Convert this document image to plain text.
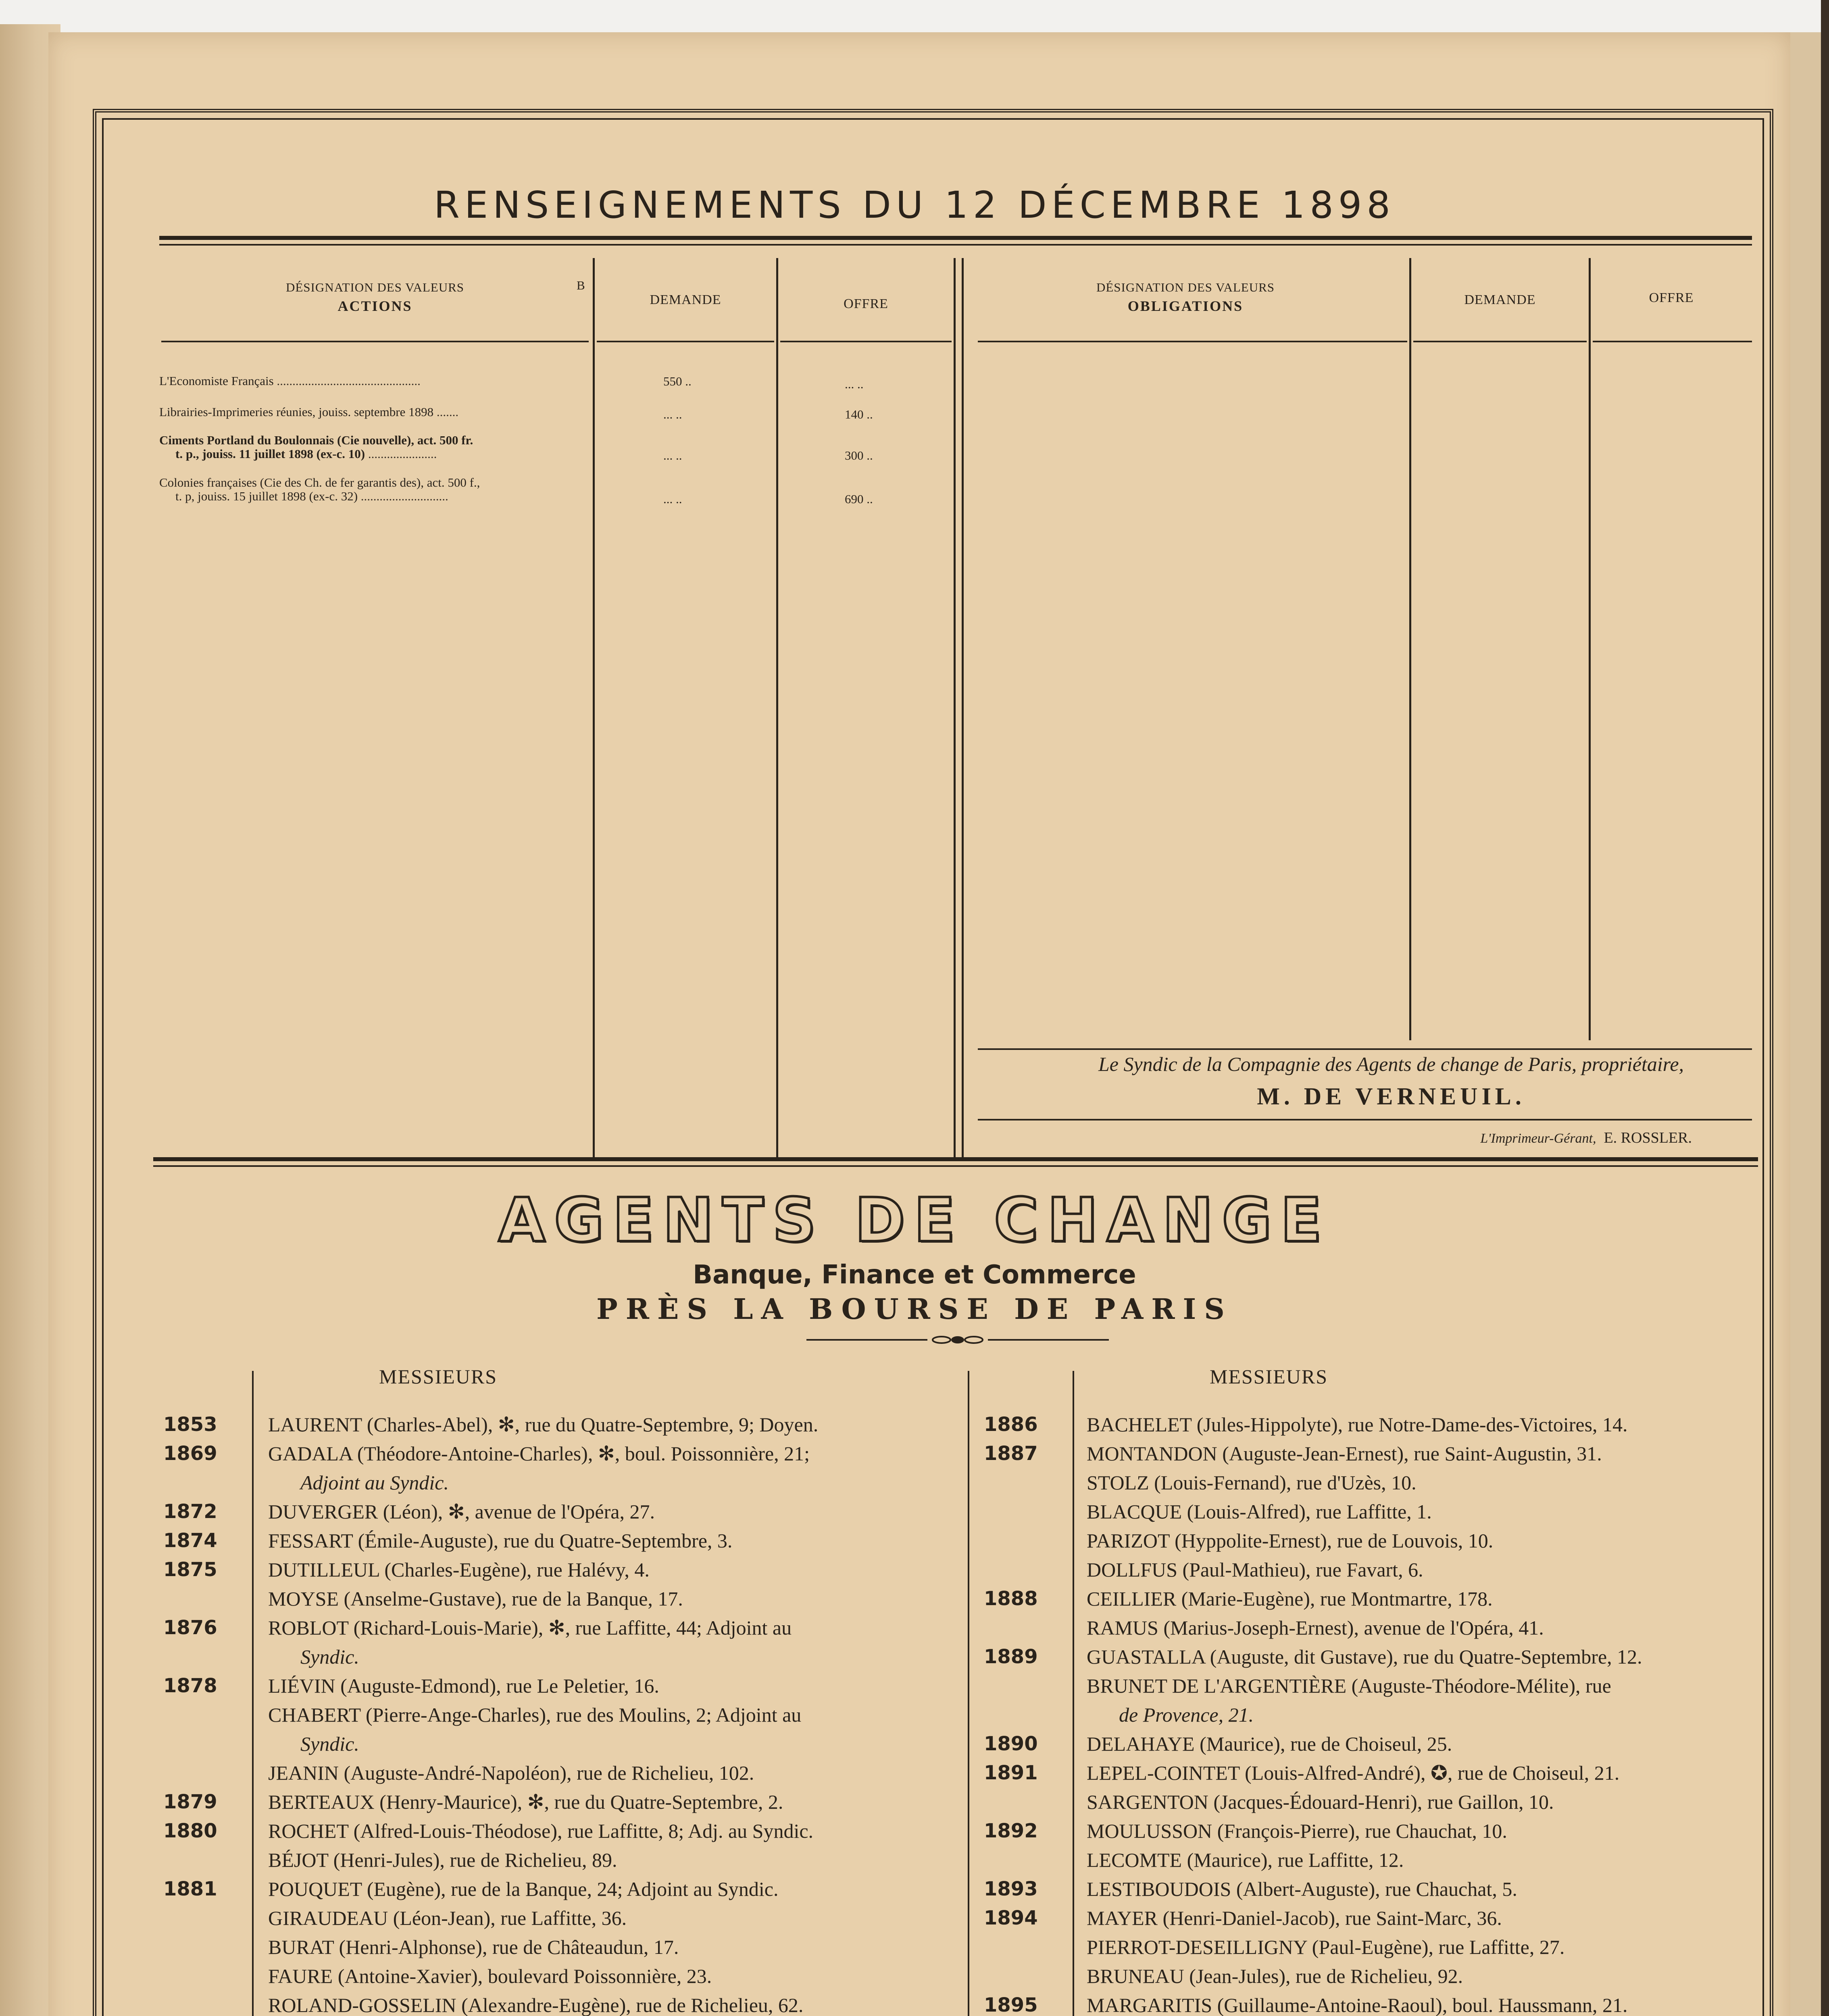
RENSEIGNEMENTS DU 12 DÉCEMBRE 1898
DÉSIGNATION DES VALEURS
ACTIONS
B
DEMANDE	OFFRE
DÉSIGNATION DES VALEURS
OBLIGATIONS	DEMANDE	OFFRE
L'Economiste Français ..............................................	550 ..	... ..
Librairies-Imprimeries réunies, jouiss. septembre 1898 .......	... ..	140 ..
Ciments Portland du Boulonnais (Cie nouvelle), act. 500 fr.
t. p., jouiss. 11 juillet 1898 (ex-c. 10) ......................	... ..	300 ..
Colonies françaises (Cie des Ch. de fer garantis des), act. 500 f.,
t. p, jouiss. 15 juillet 1898 (ex-c. 32) ............................	... ..	690 ..
Le Syndic de la Compagnie des Agents de change de Paris, propriétaire,
M. DE VERNEUIL.
L'Imprimeur-Gérant, E. ROSSLER.
AGENTS DE CHANGE
Banque, Finance et Commerce
PRÈS LA BOURSE DE PARIS
MESSIEURS	MESSIEURS
1853	LAURENT (Charles-Abel), ✻, rue du Quatre-Septembre, 9; Doyen.
1869	GADALA (Théodore-Antoine-Charles), ✻, boul. Poissonnière, 21;
Adjoint au Syndic.
1872	DUVERGER (Léon), ✻, avenue de l'Opéra, 27.
1874	FESSART (Émile-Auguste), rue du Quatre-Septembre, 3.
1875	DUTILLEUL (Charles-Eugène), rue Halévy, 4.
MOYSE (Anselme-Gustave), rue de la Banque, 17.
1876	ROBLOT (Richard-Louis-Marie), ✻, rue Laffitte, 44; Adjoint au
Syndic.
1878	LIÉVIN (Auguste-Edmond), rue Le Peletier, 16.
CHABERT (Pierre-Ange-Charles), rue des Moulins, 2; Adjoint au
Syndic.
JEANIN (Auguste-André-Napoléon), rue de Richelieu, 102.
1879	BERTEAUX (Henry-Maurice), ✻, rue du Quatre-Septembre, 2.
1880	ROCHET (Alfred-Louis-Théodose), rue Laffitte, 8; Adj. au Syndic.
BÉJOT (Henri-Jules), rue de Richelieu, 89.
1881	POUQUET (Eugène), rue de la Banque, 24; Adjoint au Syndic.
GIRAUDEAU (Léon-Jean), rue Laffitte, 36.
BURAT (Henri-Alphonse), rue de Châteaudun, 17.
FAURE (Antoine-Xavier), boulevard Poissonnière, 23.
ROLAND-GOSSELIN (Alexandre-Eugène), rue de Richelieu, 62.
1886 BACHELET (Jules-Hippolyte), rue Notre-Dame-des-Victoires, 14.
1887 MONTANDON (Auguste-Jean-Ernest), rue Saint-Augustin, 31.
STOLZ (Louis-Fernand), rue d'Uzès, 10.
BLACQUE (Louis-Alfred), rue Laffitte, 1.
PARIZOT (Hyppolite-Ernest), rue de Louvois, 10.
DOLLFUS (Paul-Mathieu), rue Favart, 6.
1888 CEILLIER (Marie-Eugène), rue Montmartre, 178.
RAMUS (Marius-Joseph-Ernest), avenue de l'Opéra, 41.
1889 GUASTALLA (Auguste, dit Gustave), rue du Quatre-Septembre, 12.
BRUNET DE L'ARGENTIÈRE (Auguste-Théodore-Mélite), rue
de Provence, 21.
1890 DELAHAYE (Maurice), rue de Choiseul, 25.
1891 LEPEL-COINTET (Louis-Alfred-André), ✪, rue de Choiseul, 21.
SARGENTON (Jacques-Édouard-Henri), rue Gaillon, 10.
1892 MOULUSSON (François-Pierre), rue Chauchat, 10.
LECOMTE (Maurice), rue Laffitte, 12.
1893 LESTIBOUDOIS (Albert-Auguste), rue Chauchat, 5.
1894 MAYER (Henri-Daniel-Jacob), rue Saint-Marc, 36.
PIERROT-DESEILLIGNY (Paul-Eugène), rue Laffitte, 27.
BRUNEAU (Jean-Jules), rue de Richelieu, 92.
1895 MARGARITIS (Guillaume-Antoine-Raoul), boul. Haussmann, 21.
